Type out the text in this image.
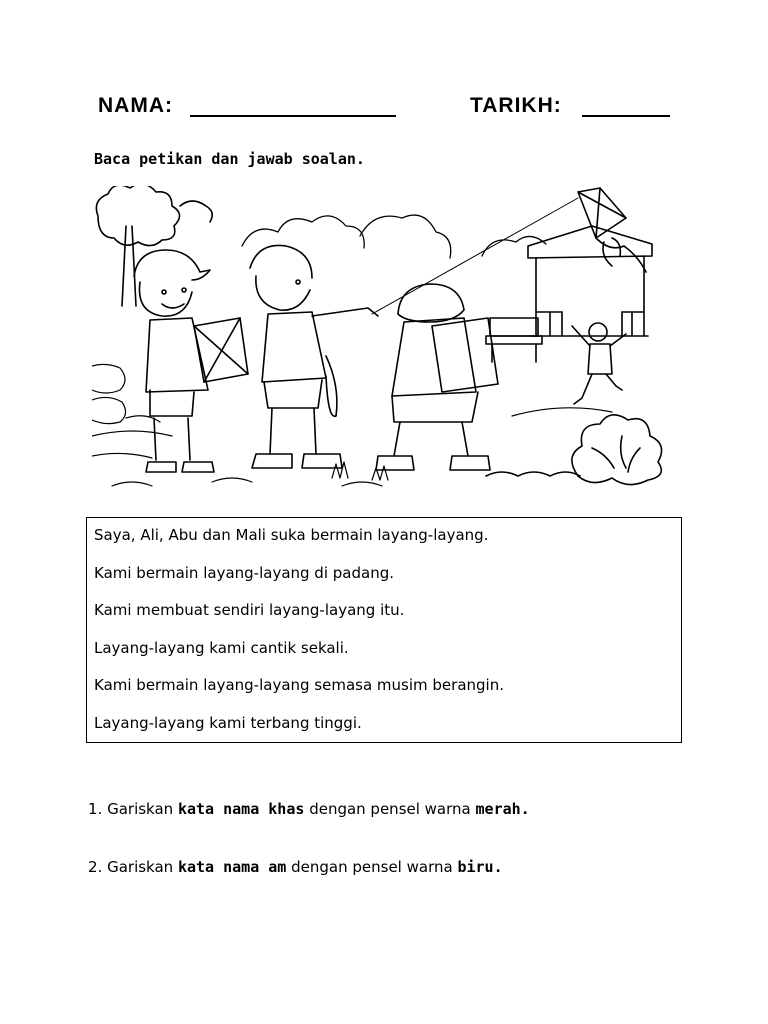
NAMA:	TARIKH:
Baca petikan dan jawab soalan.
Saya, Ali, Abu dan Mali suka bermain layang-layang.
Kami bermain layang-layang di padang.
Kami membuat sendiri layang-layang itu.
Layang-layang kami cantik sekali.
Kami bermain layang-layang semasa musim berangin.
Layang-layang kami terbang tinggi.
1. Gariskan kata nama khas dengan pensel warna merah.
2. Gariskan kata nama am dengan pensel warna biru.
